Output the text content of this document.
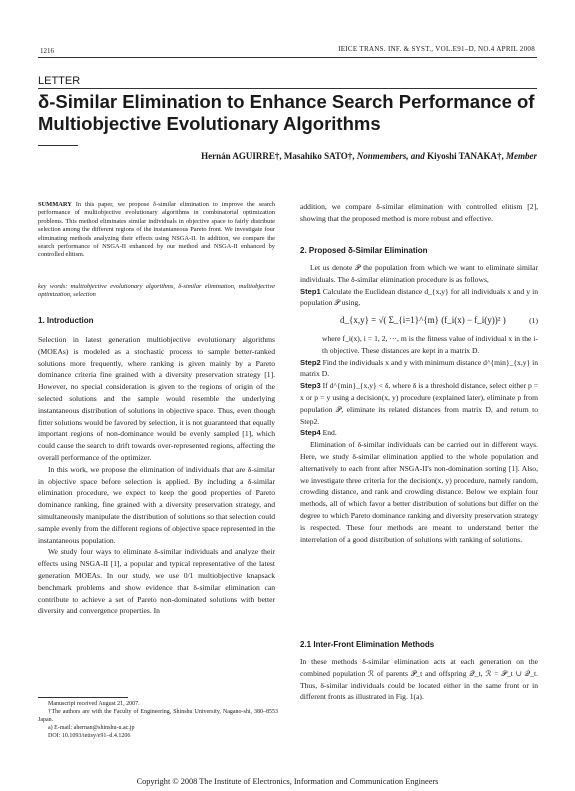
1216	IEICE TRANS. INF. & SYST., VOL.E91–D, NO.4 APRIL 2008
LETTER
δ-Similar Elimination to Enhance Search Performance of Multiobjective Evolutionary Algorithms
Hernán AGUIRRE†, Masahiko SATO†, Nonmembers, and Kiyoshi TANAKA†, Member
SUMMARY In this paper, we propose δ-similar elimination to improve the search performance of multiobjective evolutionary algorithms in combinatorial optimization problems. This method eliminates similar individuals in objective space to fairly distribute selection among the different regions of the instantaneous Pareto front. We investigate four eliminating methods analyzing their effects using NSGA-II. In addition, we compare the search performance of NSGA-II enhanced by our method and NSGA-II enhanced by controlled elitism.
key words: multiobjective evolutionary algorithms, δ-similar elimination, multiobjective optimization, selection
1. Introduction

Selection in latest generation multiobjective evolutionary algorithms (MOEAs) is modeled as a stochastic process to sample better-ranked solutions more frequently, where ranking is given mainly by a Pareto dominance criteria fine grained with a diversity preservation strategy [1]. However, no special consideration is given to the regions of origin of the selected solutions and the sample would resemble the underlying instantaneous distribution of solutions in objective space. Thus, even though fitter solutions would be favored by selection, it is not guaranteed that equally important regions of non-dominance would be evenly sampled [1], which could cause the search to drift towards over-represented regions, affecting the overall performance of the optimizer.

In this work, we propose the elimination of individuals that are δ-similar in objective space before selection is applied. By including a δ-similar elimination procedure, we expect to keep the good properties of Pareto dominance ranking, fine grained with a diversity preservation strategy, and simultaneously manipulate the distribution of solutions so that selection could sample evenly from the different regions of objective space represented in the instantaneous population.

We study four ways to eliminate δ-similar individuals and analyze their effects using NSGA-II [1], a popular and typical representative of the latest generation MOEAs. In our study, we use 0/1 multiobjective knapsack benchmark problems and show evidence that δ-similar elimination can contribute to achieve a set of Pareto non-dominated solutions with better diversity and convergence properties. In

Manuscript received August 21, 2007.

†The authors are with the Faculty of Engineering, Shinshu University, Nagano-shi, 380–8553 Japan.

a) E-mail: ahernan@shinshu-u.ac.jp

DOI: 10.1093/ietisy/e91–d.4.1206

addition, we compare δ-similar elimination with controlled elitism [2], showing that the proposed method is more robust and effective.
2. Proposed δ-Similar Elimination

Let us denote 𝒫 the population from which we want to eliminate similar individuals. The δ-similar elimination procedure is as follows,

Step1 Calculate the Euclidean distance d_{x,y} for all individuals x and y in population 𝒫 using,
d_{x,y} = √( Σ_{i=1}^{m} (f_i(x) − f_i(y))² )	(1)
where f_i(x), i = 1, 2, ···, m is the fitness value of individual x in the i-th objective. These distances are kept in a matrix D.
Step2 Find the individuals x and y with minimum distance d^{min}_{x,y} in matrix D.
Step3 If d^{min}_{x,y} < δ, where δ is a threshold distance, select either p = x or p = y using a decision(x, y) procedure (explained later), eliminate p from population 𝒫, eliminate its related distances from matrix D, and return to Step2.
Step4 End.

Elimination of δ-similar individuals can be carried out in different ways. Here, we study δ-similar elimination applied to the whole population and alternatively to each front after NSGA-II's non-domination sorting [1]. Also, we investigate three criteria for the decision(x, y) procedure, namely random, crowding distance, and rank and crowding distance. Below we explain four methods, all of which favor a better distribution of solutions but differ on the degree to which Pareto dominance ranking and diversity preservation strategy is respected. These four methods are meant to understand better the interrelation of a good distribution of solutions with ranking of solutions.

2.1 Inter-Front Elimination Methods
In these methods δ-similar elimination acts at each generation on the combined population ℛ of parents 𝒫_t and offspring 𝒬_t, ℛ = 𝒫_t ∪ 𝒬_t. Thus, δ-similar individuals could be located either in the same front or in different fronts as illustrated in Fig. 1(a).
Copyright © 2008 The Institute of Electronics, Information and Communication Engineers
